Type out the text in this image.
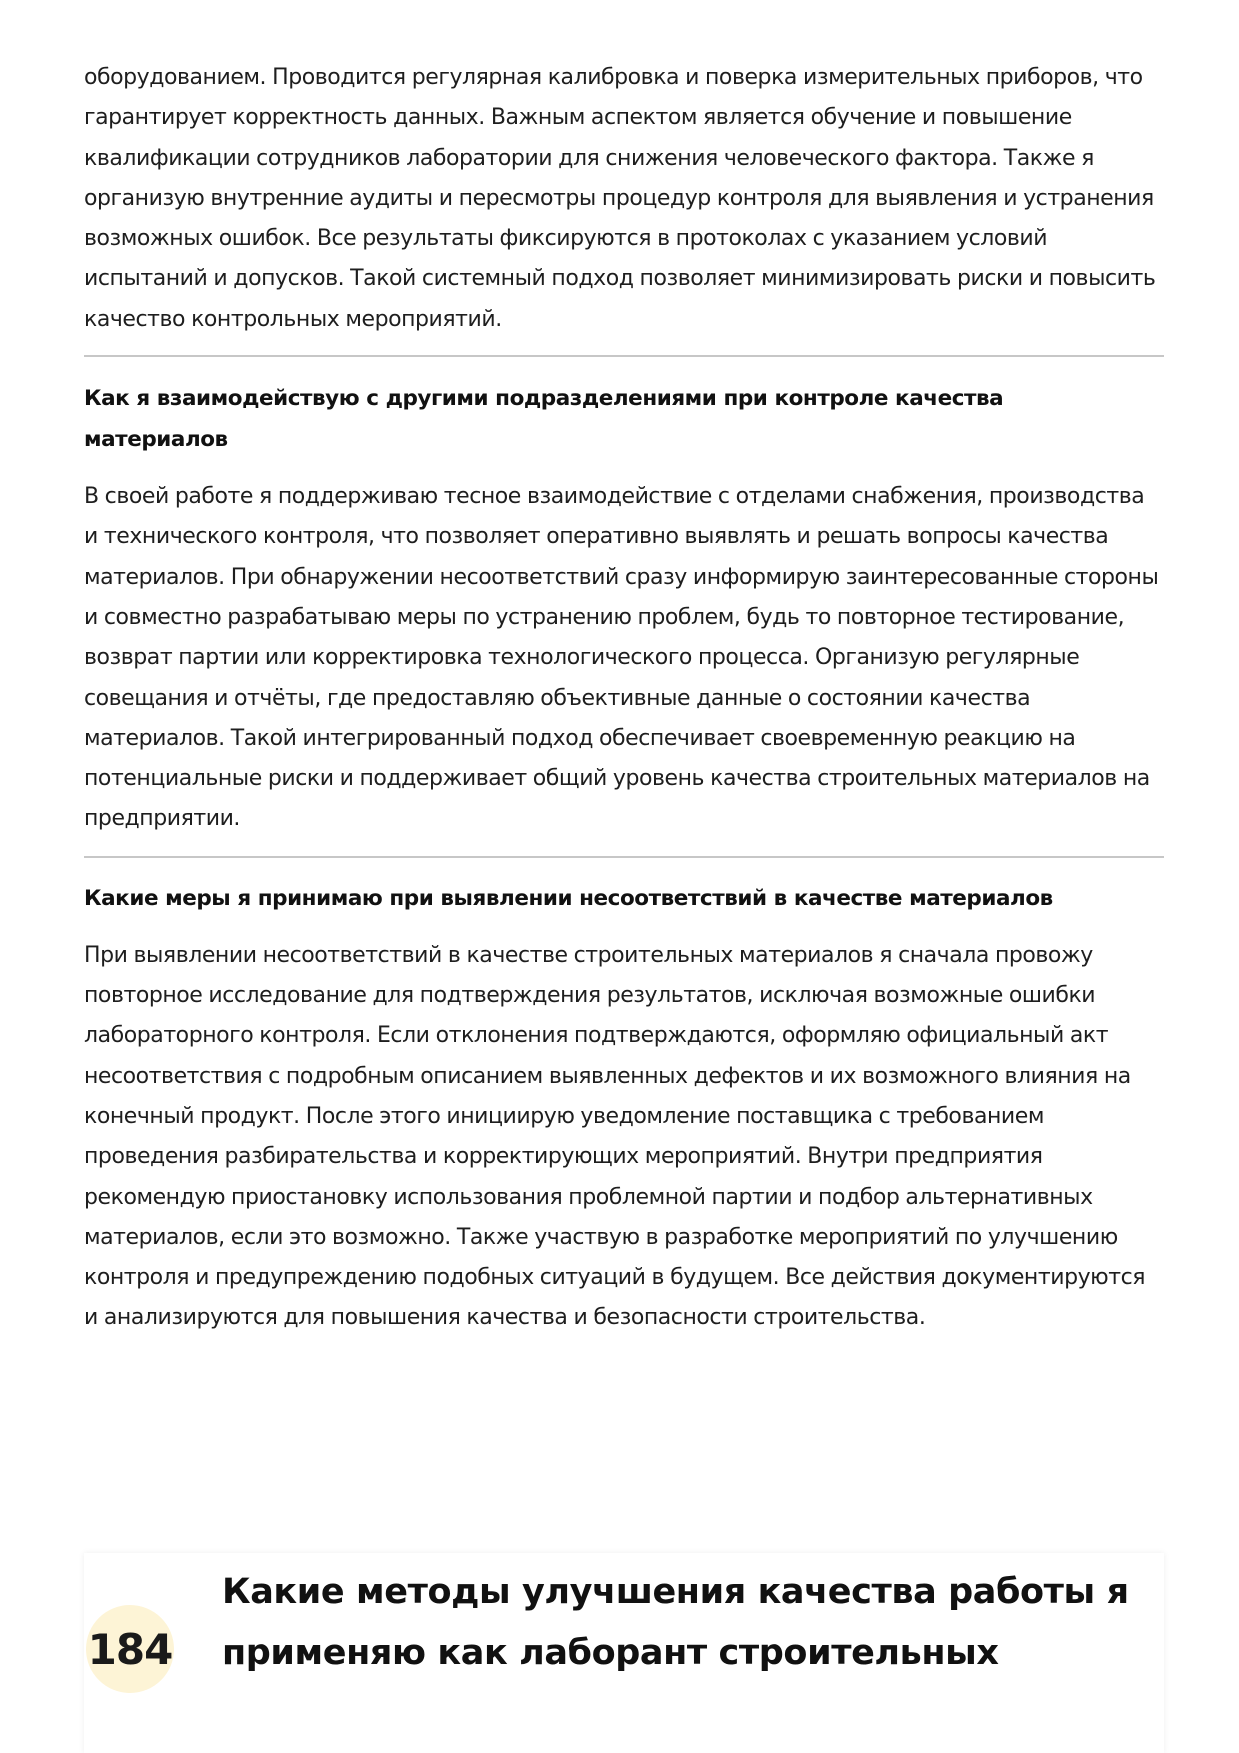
оборудованием. Проводится регулярная калибровка и поверка измерительных приборов, что гарантирует корректность данных. Важным аспектом является обучение и повышение квалификации сотрудников лаборатории для снижения человеческого фактора. Также я организую внутренние аудиты и пересмотры процедур контроля для выявления и устранения возможных ошибок. Все результаты фиксируются в протоколах с указанием условий испытаний и допусков. Такой системный подход позволяет минимизировать риски и повысить качество контрольных мероприятий.

Как я взаимодействую с другими подразделениями при контроле качества материалов

В своей работе я поддерживаю тесное взаимодействие с отделами снабжения, производства и технического контроля, что позволяет оперативно выявлять и решать вопросы качества материалов. При обнаружении несоответствий сразу информирую заинтересованные стороны и совместно разрабатываю меры по устранению проблем, будь то повторное тестирование, возврат партии или корректировка технологического процесса. Организую регулярные совещания и отчёты, где предоставляю объективные данные о состоянии качества материалов. Такой интегрированный подход обеспечивает своевременную реакцию на потенциальные риски и поддерживает общий уровень качества строительных материалов на предприятии.

Какие меры я принимаю при выявлении несоответствий в качестве материалов

При выявлении несоответствий в качестве строительных материалов я сначала провожу повторное исследование для подтверждения результатов, исключая возможные ошибки лабораторного контроля. Если отклонения подтверждаются, оформляю официальный акт несоответствия с подробным описанием выявленных дефектов и их возможного влияния на конечный продукт. После этого инициирую уведомление поставщика с требованием проведения разбирательства и корректирующих мероприятий. Внутри предприятия рекомендую приостановку использования проблемной партии и подбор альтернативных материалов, если это возможно. Также участвую в разработке мероприятий по улучшению контроля и предупреждению подобных ситуаций в будущем. Все действия документируются и анализируются для повышения качества и безопасности строительства.

184
Какие методы улучшения качества работы я применяю как лаборант строительных
